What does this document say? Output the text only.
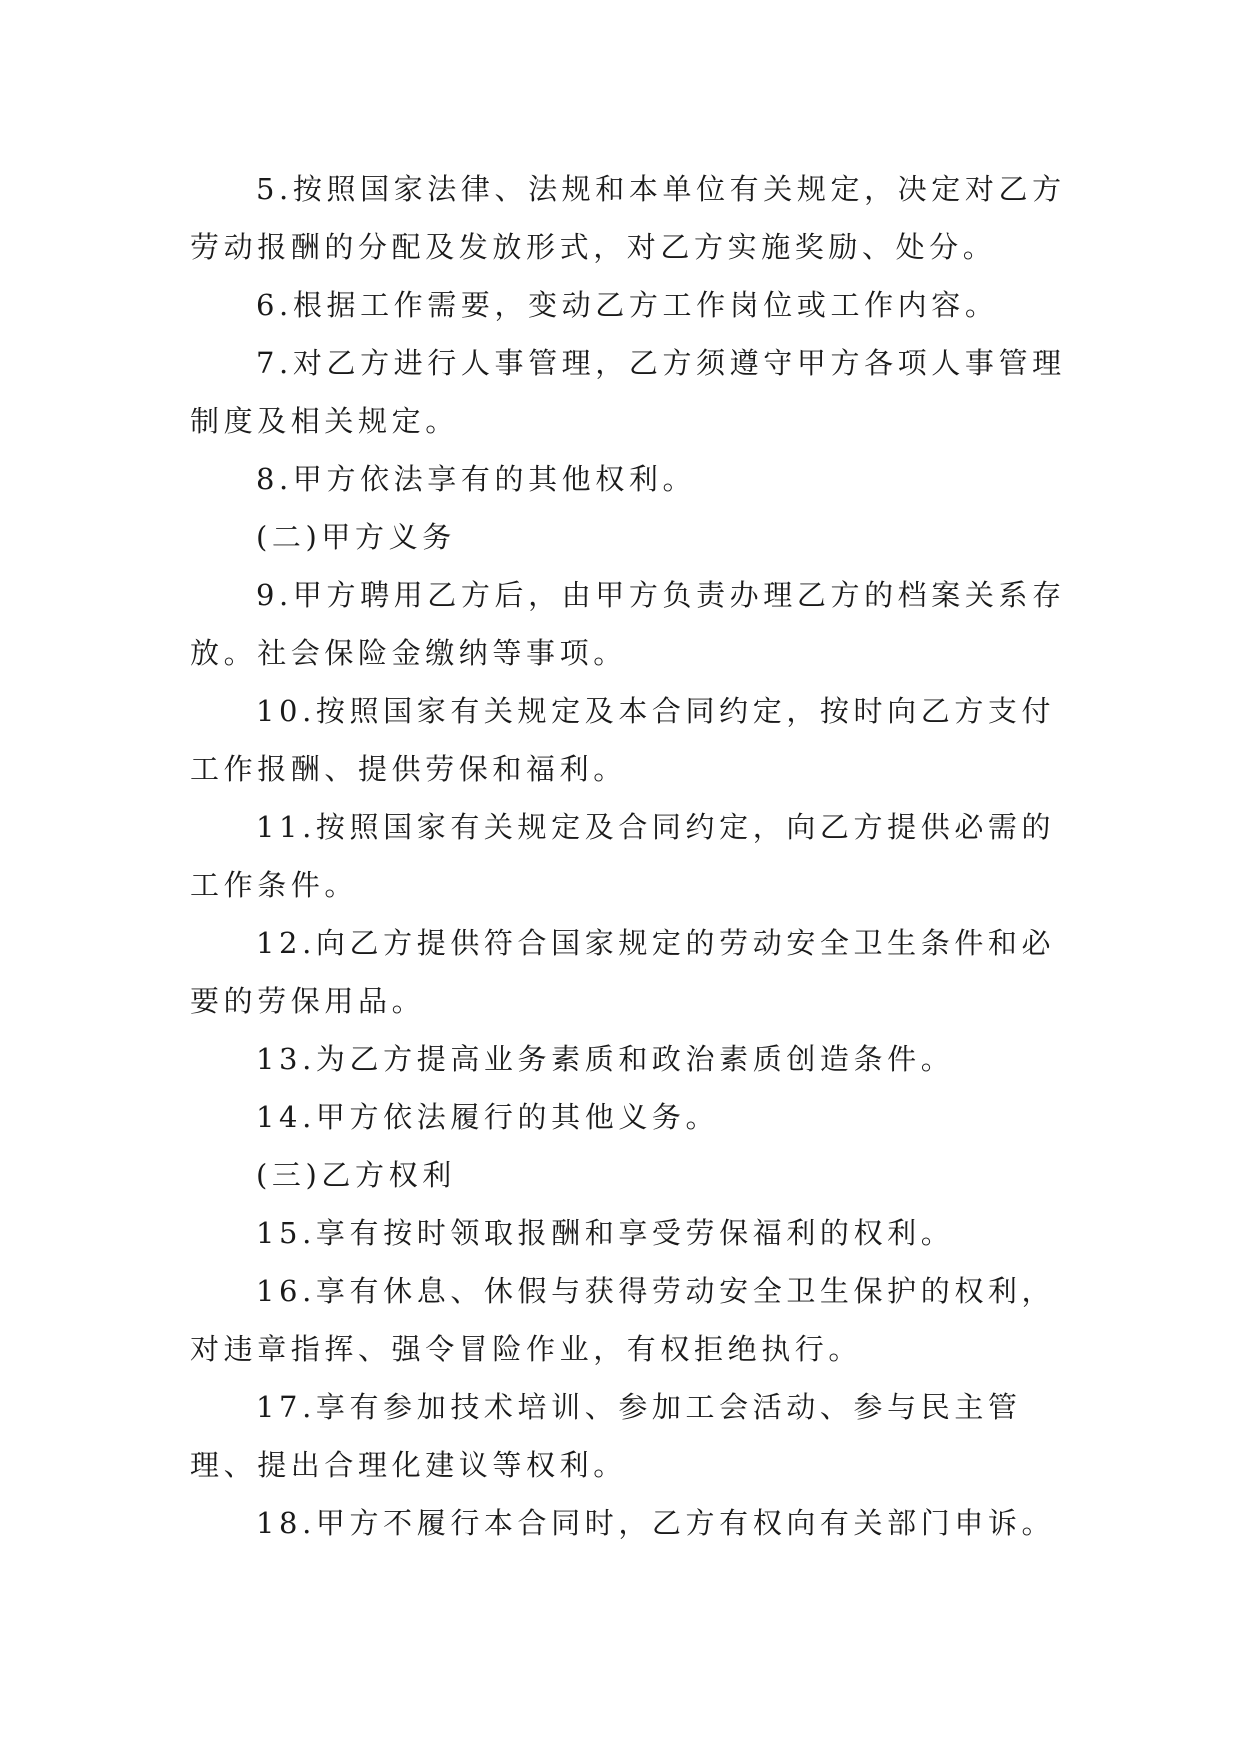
5.按照国家法律、法规和本单位有关规定，决定对乙方劳动报酬的分配及发放形式，对乙方实施奖励、处分。

6.根据工作需要，变动乙方工作岗位或工作内容。

7.对乙方进行人事管理，乙方须遵守甲方各项人事管理制度及相关规定。

8.甲方依法享有的其他权利。

(二)甲方义务

9.甲方聘用乙方后，由甲方负责办理乙方的档案关系存放。社会保险金缴纳等事项。

10.按照国家有关规定及本合同约定，按时向乙方支付工作报酬、提供劳保和福利。

11.按照国家有关规定及合同约定，向乙方提供必需的工作条件。

12.向乙方提供符合国家规定的劳动安全卫生条件和必要的劳保用品。

13.为乙方提高业务素质和政治素质创造条件。

14.甲方依法履行的其他义务。

(三)乙方权利

15.享有按时领取报酬和享受劳保福利的权利。

16.享有休息、休假与获得劳动安全卫生保护的权利，对违章指挥、强令冒险作业，有权拒绝执行。

17.享有参加技术培训、参加工会活动、参与民主管理、提出合理化建议等权利。

18.甲方不履行本合同时，乙方有权向有关部门申诉。
